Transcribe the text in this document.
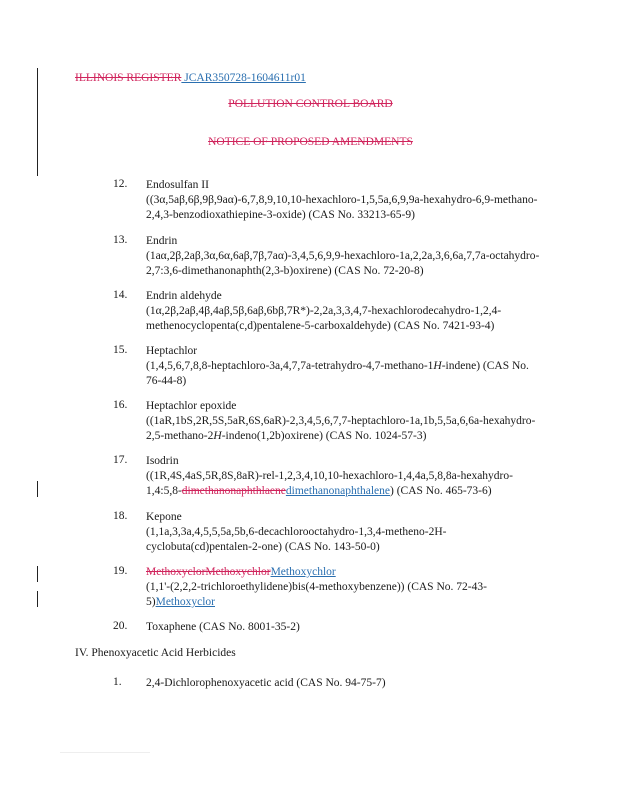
ILLINOIS REGISTER JCAR350728-1604611r01
POLLUTION CONTROL BOARD
NOTICE OF PROPOSED AMENDMENTS
12. Endosulfan II
((3α,5aβ,6β,9β,9aα)-6,7,8,9,10,10-hexachloro-1,5,5a,6,9,9a-hexahydro-6,9-methano-2,4,3-benzodioxathiepine-3-oxide) (CAS No. 33213-65-9)
13. Endrin
(1aα,2β,2aβ,3α,6α,6aβ,7β,7aα)-3,4,5,6,9,9-hexachloro-1a,2,2a,3,6,6a,7,7a-octahydro-2,7:3,6-dimethanonaphth(2,3-b)oxirene) (CAS No. 72-20-8)
14. Endrin aldehyde
(1α,2β,2aβ,4β,4aβ,5β,6aβ,6bβ,7R*)-2,2a,3,3,4,7-hexachlorodecahydro-1,2,4-methenocyclopenta(c,d)pentalene-5-carboxaldehyde) (CAS No. 7421-93-4)
15. Heptachlor
(1,4,5,6,7,8,8-heptachloro-3a,4,7,7a-tetrahydro-4,7-methano-1H-indene) (CAS No. 76-44-8)
16. Heptachlor epoxide
((1aR,1bS,2R,5S,5aR,6S,6aR)-2,3,4,5,6,7,7-heptachloro-1a,1b,5,5a,6,6a-hexahydro-2,5-methano-2H-indeno(1,2b)oxirene) (CAS No. 1024-57-3)
17. Isodrin
((1R,4S,4aS,5R,8S,8aR)-rel-1,2,3,4,10,10-hexachloro-1,4,4a,5,8,8a-hexahydro-1,4:5,8-dimethanonaphthlaenedimethanonaphthalene) (CAS No. 465-73-6)
18. Kepone
(1,1a,3,3a,4,5,5,5a,5b,6-decachlorooctahydro-1,3,4-metheno-2H-cyclobuta(cd)pentalen-2-one) (CAS No. 143-50-0)
19. MethoxyclorMethoxychlorMethoxychlor
(1,1'-(2,2,2-trichloroethylidene)bis(4-methoxybenzene)) (CAS No. 72-43-5)Methoxyclor
20. Toxaphene (CAS No. 8001-35-2)
IV. Phenoxyacetic Acid Herbicides
1. 2,4-Dichlorophenoxyacetic acid (CAS No. 94-75-7)
